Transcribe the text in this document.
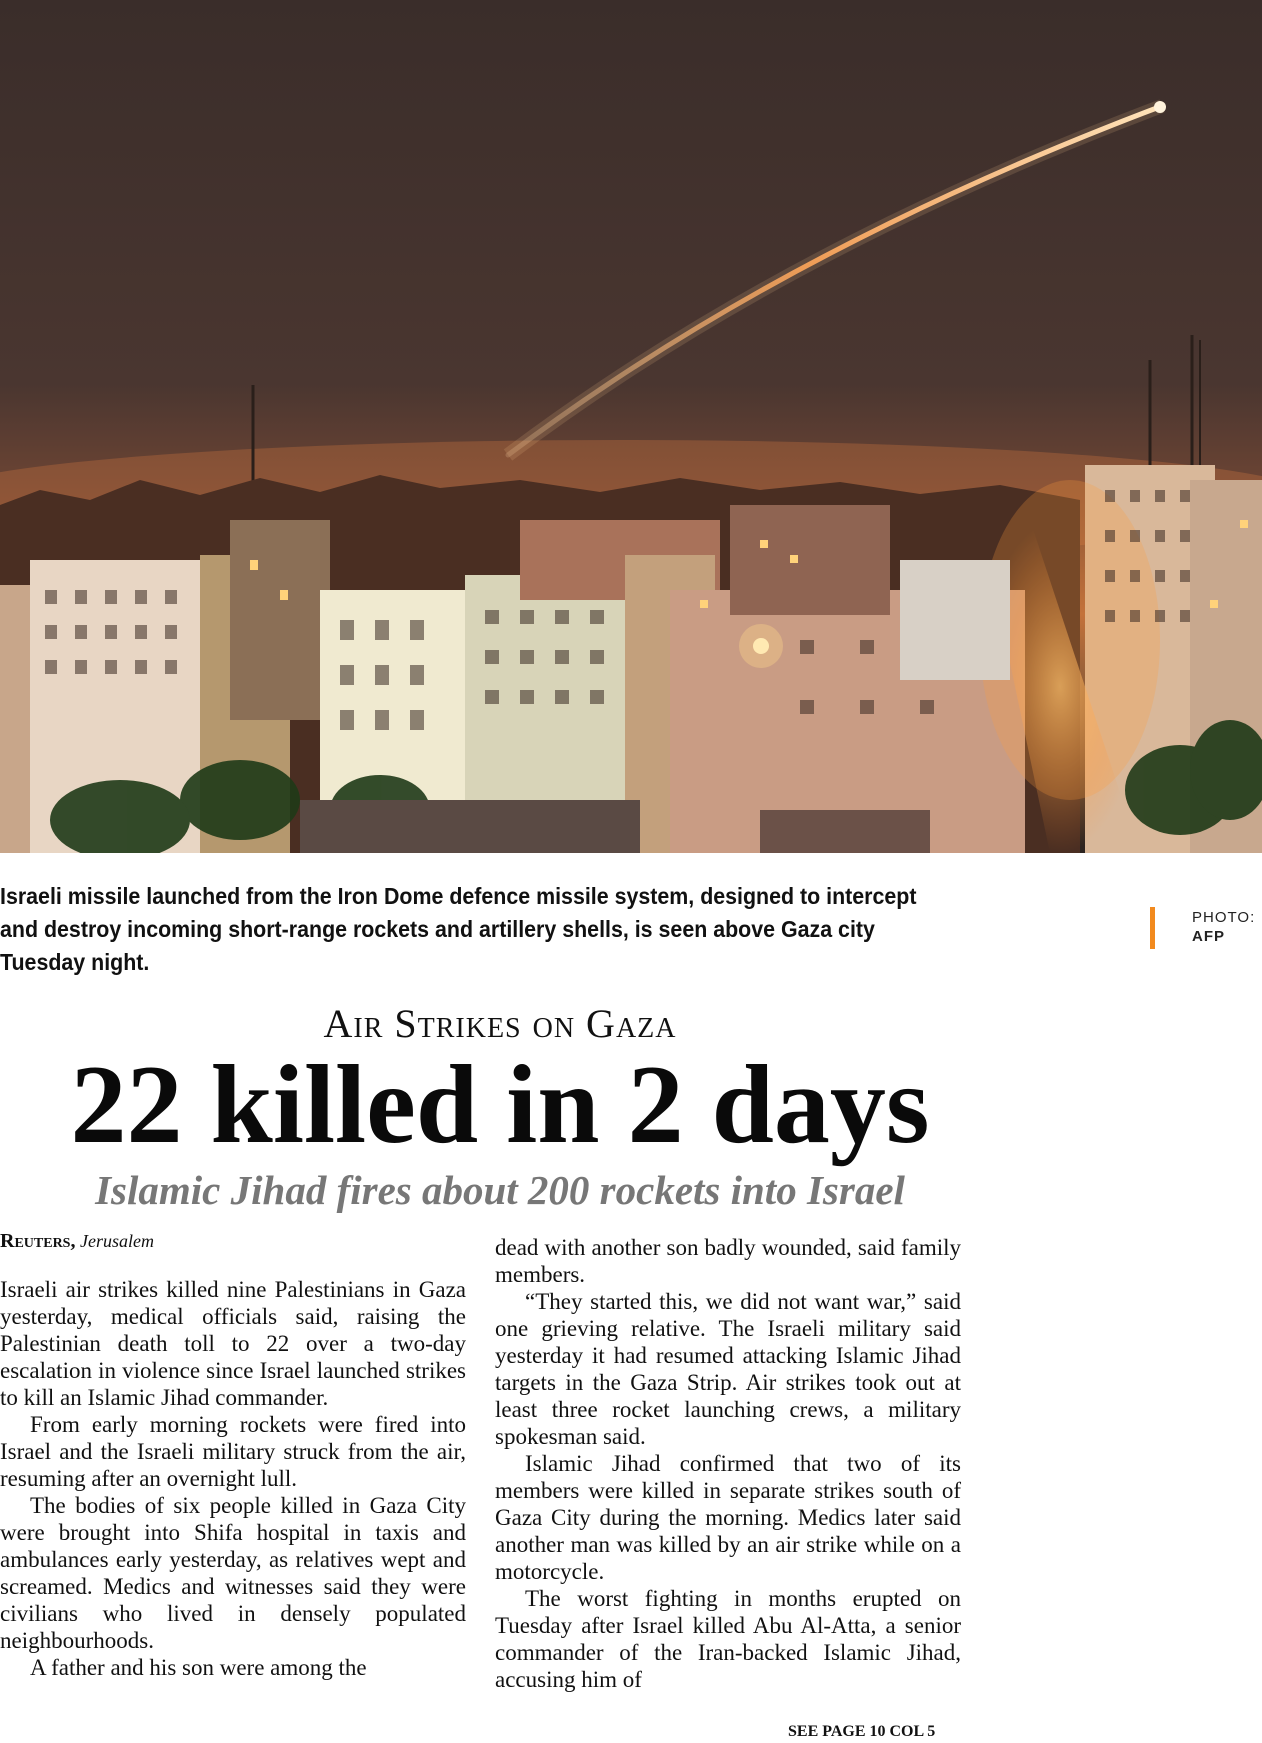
Israeli missile launched from the Iron Dome defence missile system, designed to intercept and destroy incoming short-range rockets and artillery shells, is seen above Gaza city Tuesday night.
PHOTO:
AFP
Air Strikes on Gaza
22 killed in 2 days
Islamic Jihad fires about 200 rockets into Israel
Reuters, Jerusalem

Israeli air strikes killed nine Palestinians in Gaza yesterday, medical officials said, raising the Palestinian death toll to 22 over a two-day escalation in violence since Israel launched strikes to kill an Islamic Jihad commander.

From early morning rockets were fired into Israel and the Israeli military struck from the air, resuming after an overnight lull.

The bodies of six people killed in Gaza City were brought into Shifa hospital in taxis and ambulances early yesterday, as relatives wept and screamed. Medics and witnesses said they were civilians who lived in densely populated neighbourhoods.

A father and his son were among the

dead with another son badly wounded, said family members.

“They started this, we did not want war,” said one grieving relative. The Israeli military said yesterday it had resumed attacking Islamic Jihad targets in the Gaza Strip. Air strikes took out at least three rocket launching crews, a military spokesman said.

Islamic Jihad confirmed that two of its members were killed in separate strikes south of Gaza City during the morning. Medics later said another man was killed by an air strike while on a motorcycle.

The worst fighting in months erupted on Tuesday after Israel killed Abu Al-Atta, a senior commander of the Iran-backed Islamic Jihad, accusing him of

SEE PAGE 10 COL 5
